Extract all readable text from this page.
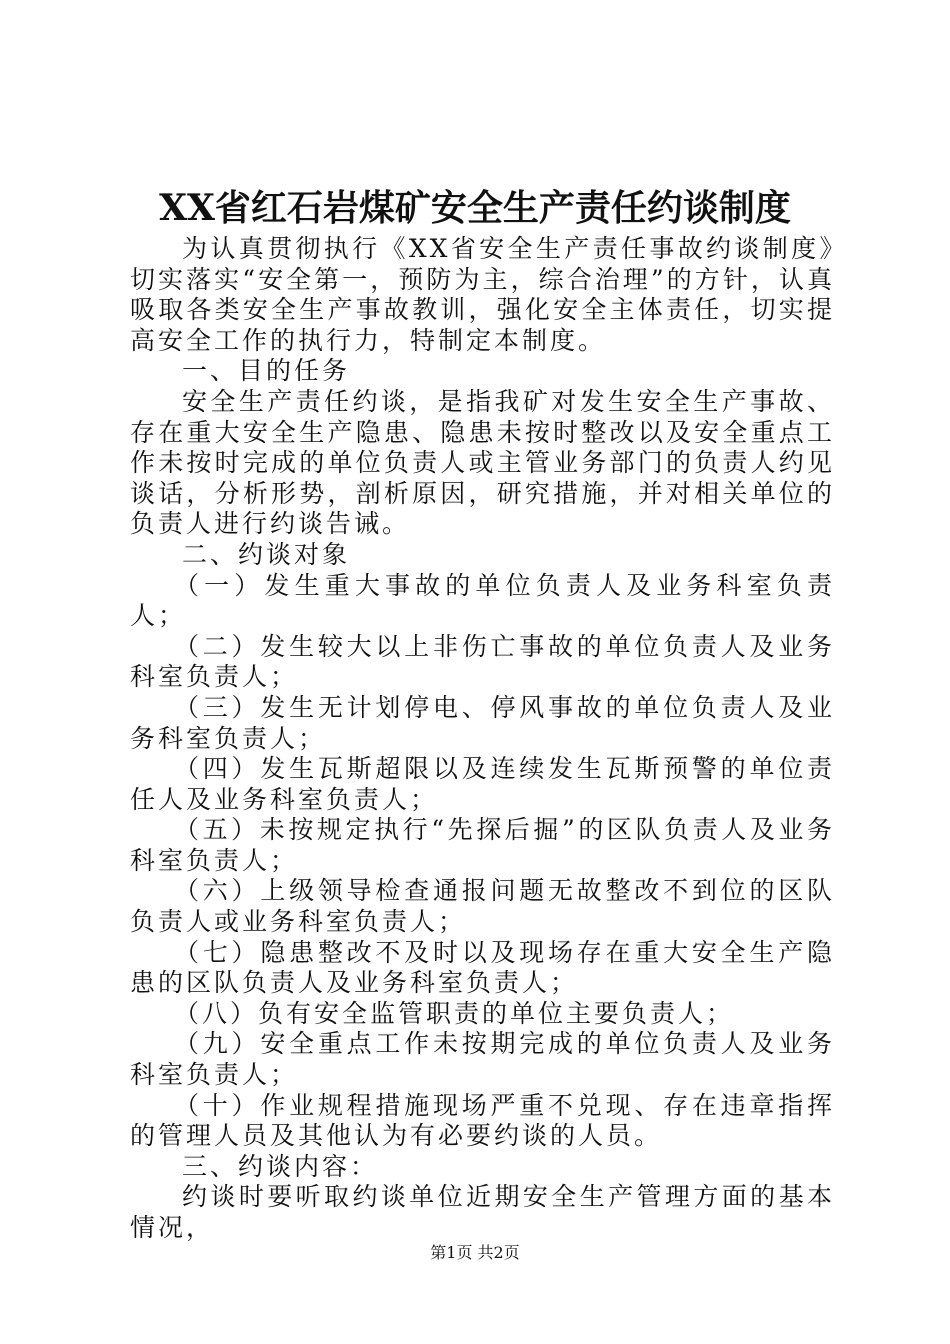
XX省红石岩煤矿安全生产责任约谈制度

为认真贯彻执行《XX省安全生产责任事故约谈制度》切实落实“安全第一，预防为主，综合治理”的方针，认真吸取各类安全生产事故教训，强化安全主体责任，切实提高安全工作的执行力，特制定本制度。

一、目的任务

安全生产责任约谈，是指我矿对发生安全生产事故、存在重大安全生产隐患、隐患未按时整改以及安全重点工作未按时完成的单位负责人或主管业务部门的负责人约见谈话，分析形势，剖析原因，研究措施，并对相关单位的负责人进行约谈告诫。

二、约谈对象

（一）发生重大事故的单位负责人及业务科室负责人；

（二）发生较大以上非伤亡事故的单位负责人及业务科室负责人；

（三）发生无计划停电、停风事故的单位负责人及业务科室负责人；

（四）发生瓦斯超限以及连续发生瓦斯预警的单位责任人及业务科室负责人；

（五）未按规定执行“先探后掘”的区队负责人及业务科室负责人；

（六）上级领导检查通报问题无故整改不到位的区队负责人或业务科室负责人；

（七）隐患整改不及时以及现场存在重大安全生产隐患的区队负责人及业务科室负责人；

（八）负有安全监管职责的单位主要负责人；

（九）安全重点工作未按期完成的单位负责人及业务科室负责人；

（十）作业规程措施现场严重不兑现、存在违章指挥的管理人员及其他认为有必要约谈的人员。

三、约谈内容：

约谈时要听取约谈单位近期安全生产管理方面的基本情况，

第1页 共2页
